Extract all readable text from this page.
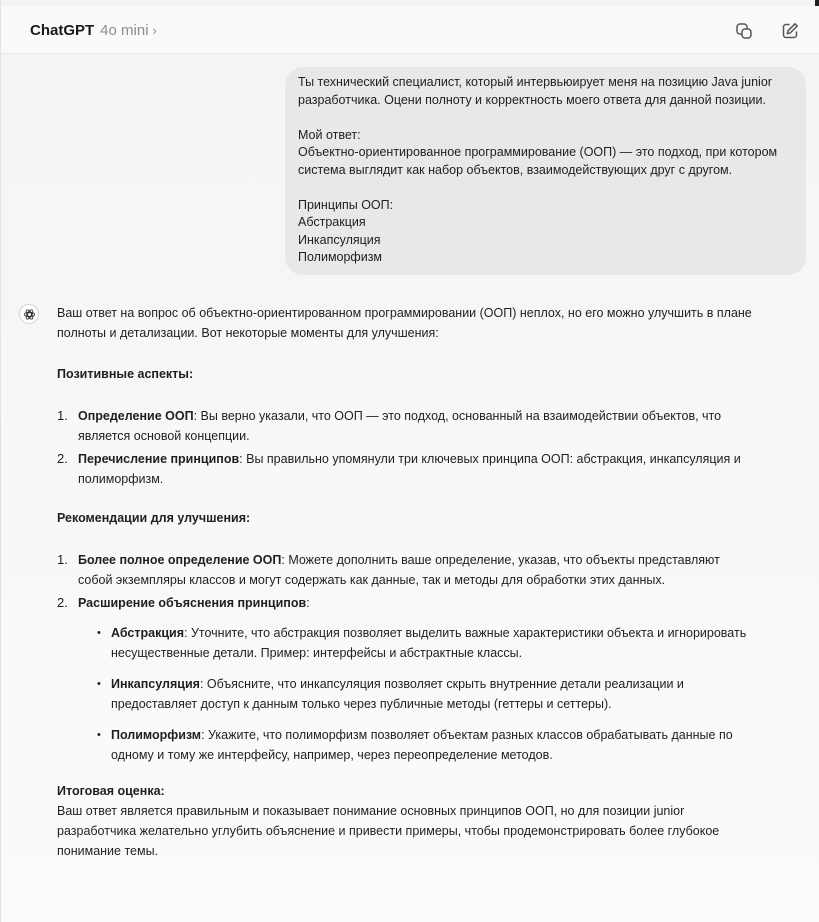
ChatGPT 4o mini ›
Ты технический специалист, который интервьюирует меня на позицию Java junior разработчика. Оцени полноту и корректность моего ответа для данной позиции.

Мой ответ:
Объектно-ориентированное программирование (ООП) — это подход, при котором система выглядит как набор объектов, взаимодействующих друг с другом.

Принципы ООП:
Абстракция
Инкапсуляция
Полиморфизм

Ваш ответ на вопрос об объектно-ориентированном программировании (ООП) неплох, но его можно улучшить в плане полноты и детализации. Вот некоторые моменты для улучшения:

Позитивные аспекты:

1. Определение ООП: Вы верно указали, что ООП — это подход, основанный на взаимодействии объектов, что является основой концепции.
2. Перечисление принципов: Вы правильно упомянули три ключевых принципа ООП: абстракция, инкапсуляция и полиморфизм.

Рекомендации для улучшения:

1. Более полное определение ООП: Можете дополнить ваше определение, указав, что объекты представляют собой экземпляры классов и могут содержать как данные, так и методы для обработки этих данных.
2. Расширение объяснения принципов:
• Абстракция: Уточните, что абстракция позволяет выделить важные характеристики объекта и игнорировать несущественные детали. Пример: интерфейсы и абстрактные классы.
• Инкапсуляция: Объясните, что инкапсуляция позволяет скрыть внутренние детали реализации и предоставляет доступ к данным только через публичные методы (геттеры и сеттеры).
• Полиморфизм: Укажите, что полиморфизм позволяет объектам разных классов обрабатывать данные по одному и тому же интерфейсу, например, через переопределение методов.

Итоговая оценка:

Ваш ответ является правильным и показывает понимание основных принципов ООП, но для позиции junior разработчика желательно углубить объяснение и привести примеры, чтобы продемонстрировать более глубокое понимание темы.
